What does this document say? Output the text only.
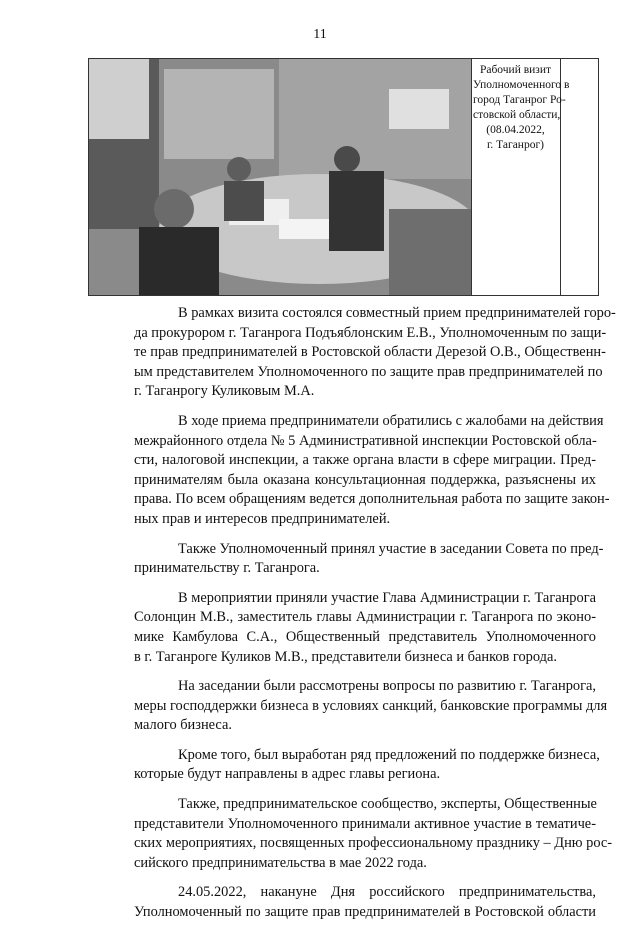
11
Рабочий визит
Уполномоченного в
город Таганрог Ро-
стовской области,
(08.04.2022,
г. Таганрог)
В рамках визита состоялся совместный прием предпринимателей горо-
да прокурором г. Таганрога Подъяблонским Е.В., Уполномоченным по защи-
те прав предпринимателей в Ростовской области Дерезой О.В., Общественн-
ым представителем Уполномоченного по защите прав предпринимателей по
г. Таганрогу Куликовым М.А.
В ходе приема предприниматели обратились с жалобами на действия
межрайонного отдела № 5 Административной инспекции Ростовской обла-
сти, налоговой инспекции, а также органа власти в сфере миграции. Пред-
принимателям была оказана консультационная поддержка, разъяснены их
права. По всем обращениям ведется дополнительная работа по защите закон-
ных прав и интересов предпринимателей.
Также Уполномоченный принял участие в заседании Совета по пред-
принимательству г. Таганрога.
В мероприятии приняли участие Глава Администрации г. Таганрога
Солонцин М.В., заместитель главы Администрации г. Таганрога по эконо-
мике Камбулова С.А., Общественный представитель Уполномоченного
в г. Таганроге Куликов М.В., представители бизнеса и банков города.
На заседании были рассмотрены вопросы по развитию г. Таганрога,
меры господдержки бизнеса в условиях санкций, банковские программы для
малого бизнеса.
Кроме того, был выработан ряд предложений по поддержке бизнеса,
которые будут направлены в адрес главы региона.
Также, предпринимательское сообщество, эксперты, Общественные
представители Уполномоченного принимали активное участие в тематиче-
ских мероприятиях, посвященных профессиональному празднику – Дню рос-
сийского предпринимательства в мае 2022 года.
24.05.2022, накануне Дня российского предпринимательства,
Уполномоченный по защите прав предпринимателей в Ростовской области
